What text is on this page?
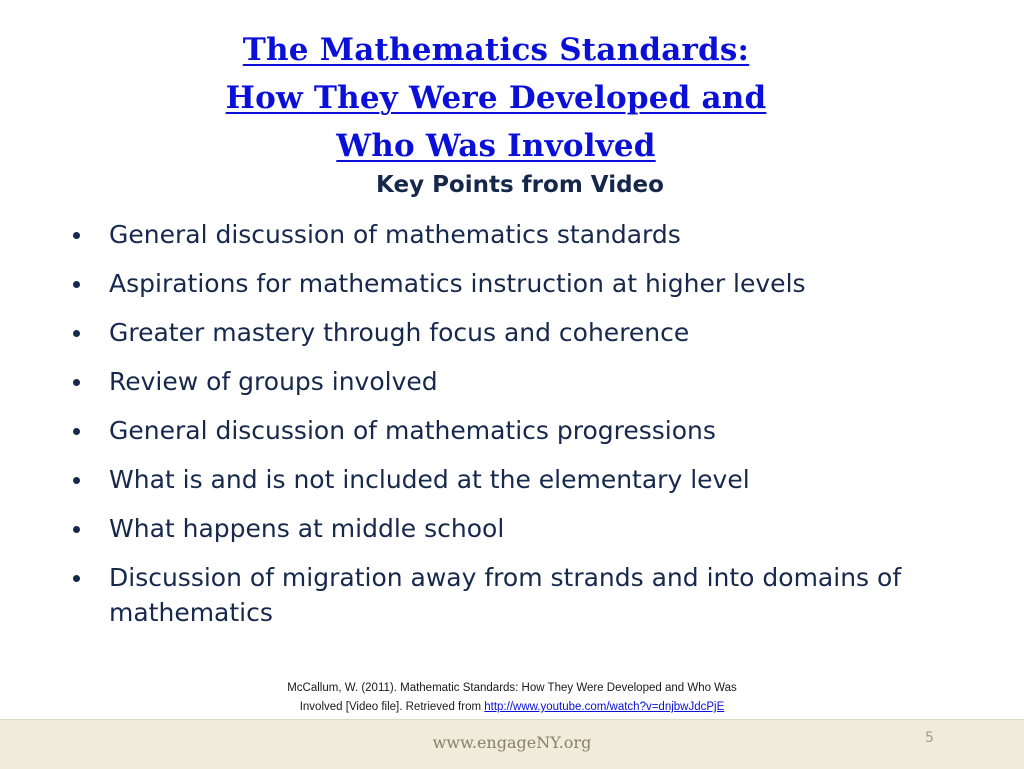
The Mathematics Standards:

How They Were Developed and

Who Was Involved

Key Points from Video
General discussion of mathematics standards
Aspirations for mathematics instruction at higher levels
Greater mastery through focus and coherence
Review of groups involved
General discussion of mathematics progressions
What is and is not included at the elementary level
What happens at middle school
Discussion of migration away from strands and into domains of mathematics
McCallum, W. (2011). Mathematic Standards: How They Were Developed and Who Was
Involved [Video file]. Retrieved from http://www.youtube.com/watch?v=dnjbwJdcPjE
www.engageNY.org	5
